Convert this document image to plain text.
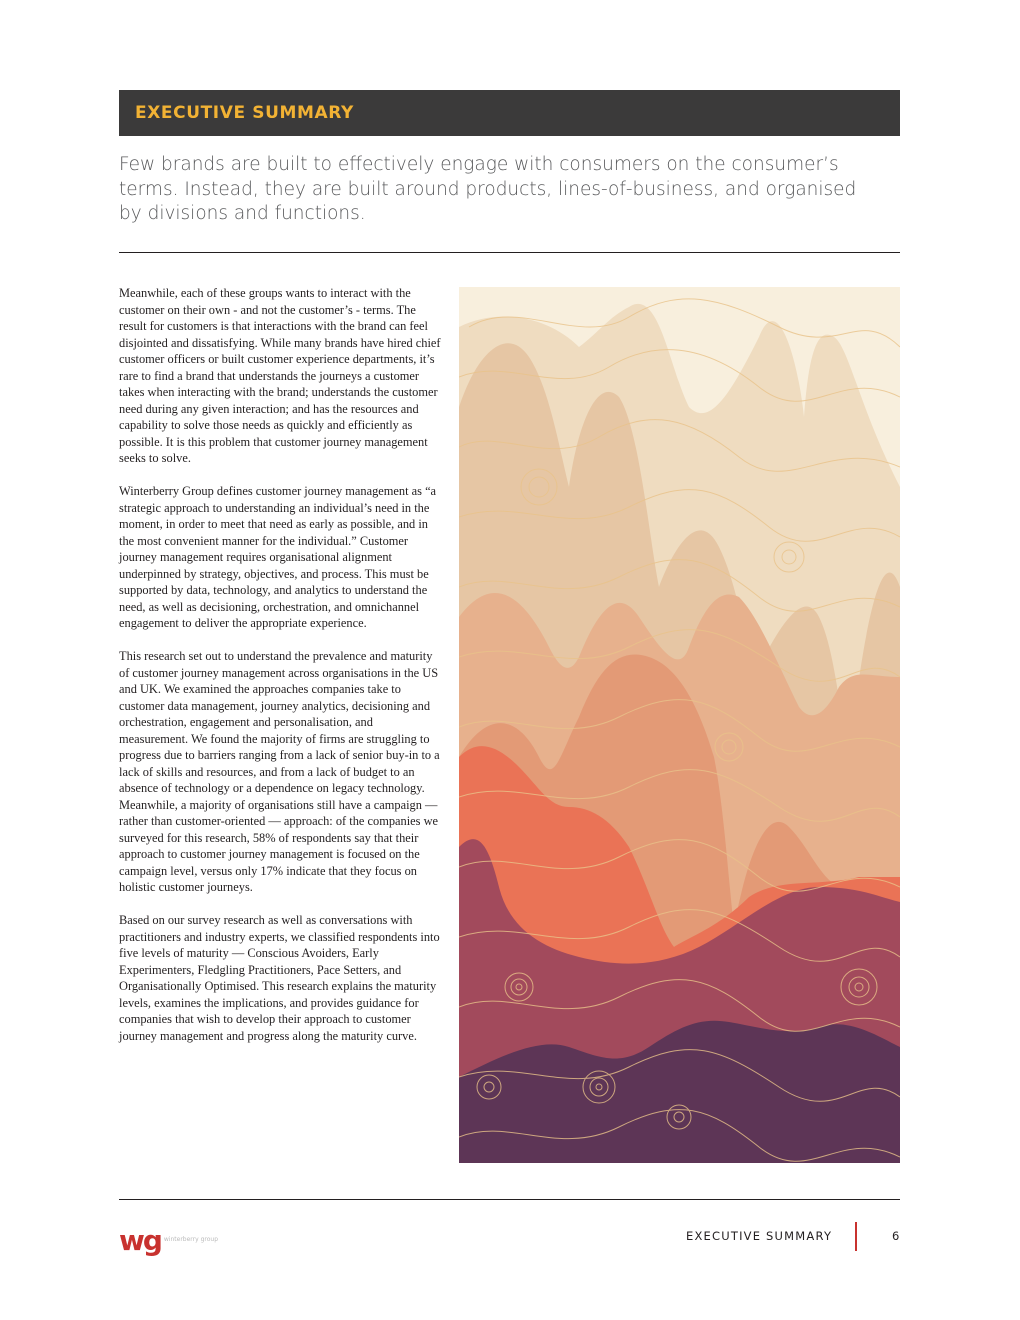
EXECUTIVE SUMMARY

Few brands are built to effectively engage with consumers on the consumer’s terms. Instead, they are built around products, lines-of-business, and organised by divisions and functions.

Meanwhile, each of these groups wants to interact with the customer on their own - and not the customer’s - terms. The result for customers is that interactions with the brand can feel disjointed and dissatisfying. While many brands have hired chief customer officers or built customer experience departments, it’s rare to find a brand that understands the journeys a customer takes when interacting with the brand; understands the customer need during any given interaction; and has the resources and capability to solve those needs as quickly and efficiently as possible. It is this problem that customer journey management seeks to solve.

Winterberry Group defines customer journey management as “a strategic approach to understanding an individual’s need in the moment, in order to meet that need as early as possible, and in the most convenient manner for the individual.” Customer journey management requires organisational alignment underpinned by strategy, objectives, and process. This must be supported by data, technology, and analytics to understand the need, as well as decisioning, orchestration, and omnichannel engagement to deliver the appropriate experience.

This research set out to understand the prevalence and maturity of customer journey management across organisations in the US and UK. We examined the approaches companies take to customer data management, journey analytics, decisioning and orchestration, engagement and personalisation, and measurement. We found the majority of firms are struggling to progress due to barriers ranging from a lack of senior buy-in to a lack of skills and resources, and from a lack of budget to an absence of technology or a dependence on legacy technology. Meanwhile, a majority of organisations still have a campaign — rather than customer-oriented — approach: of the companies we surveyed for this research, 58% of respondents say that their approach to customer journey management is focused on the campaign level, versus only 17% indicate that they focus on holistic customer journeys.

Based on our survey research as well as conversations with practitioners and industry experts, we classified respondents into five levels of maturity — Conscious Avoiders, Early Experimenters, Fledgling Practitioners, Pace Setters, and Organisationally Optimised. This research explains the maturity levels, examines the implications, and provides guidance for companies that wish to develop their approach to customer journey management and progress along the maturity curve.

wg winterberry group	EXECUTIVE SUMMARY	6
